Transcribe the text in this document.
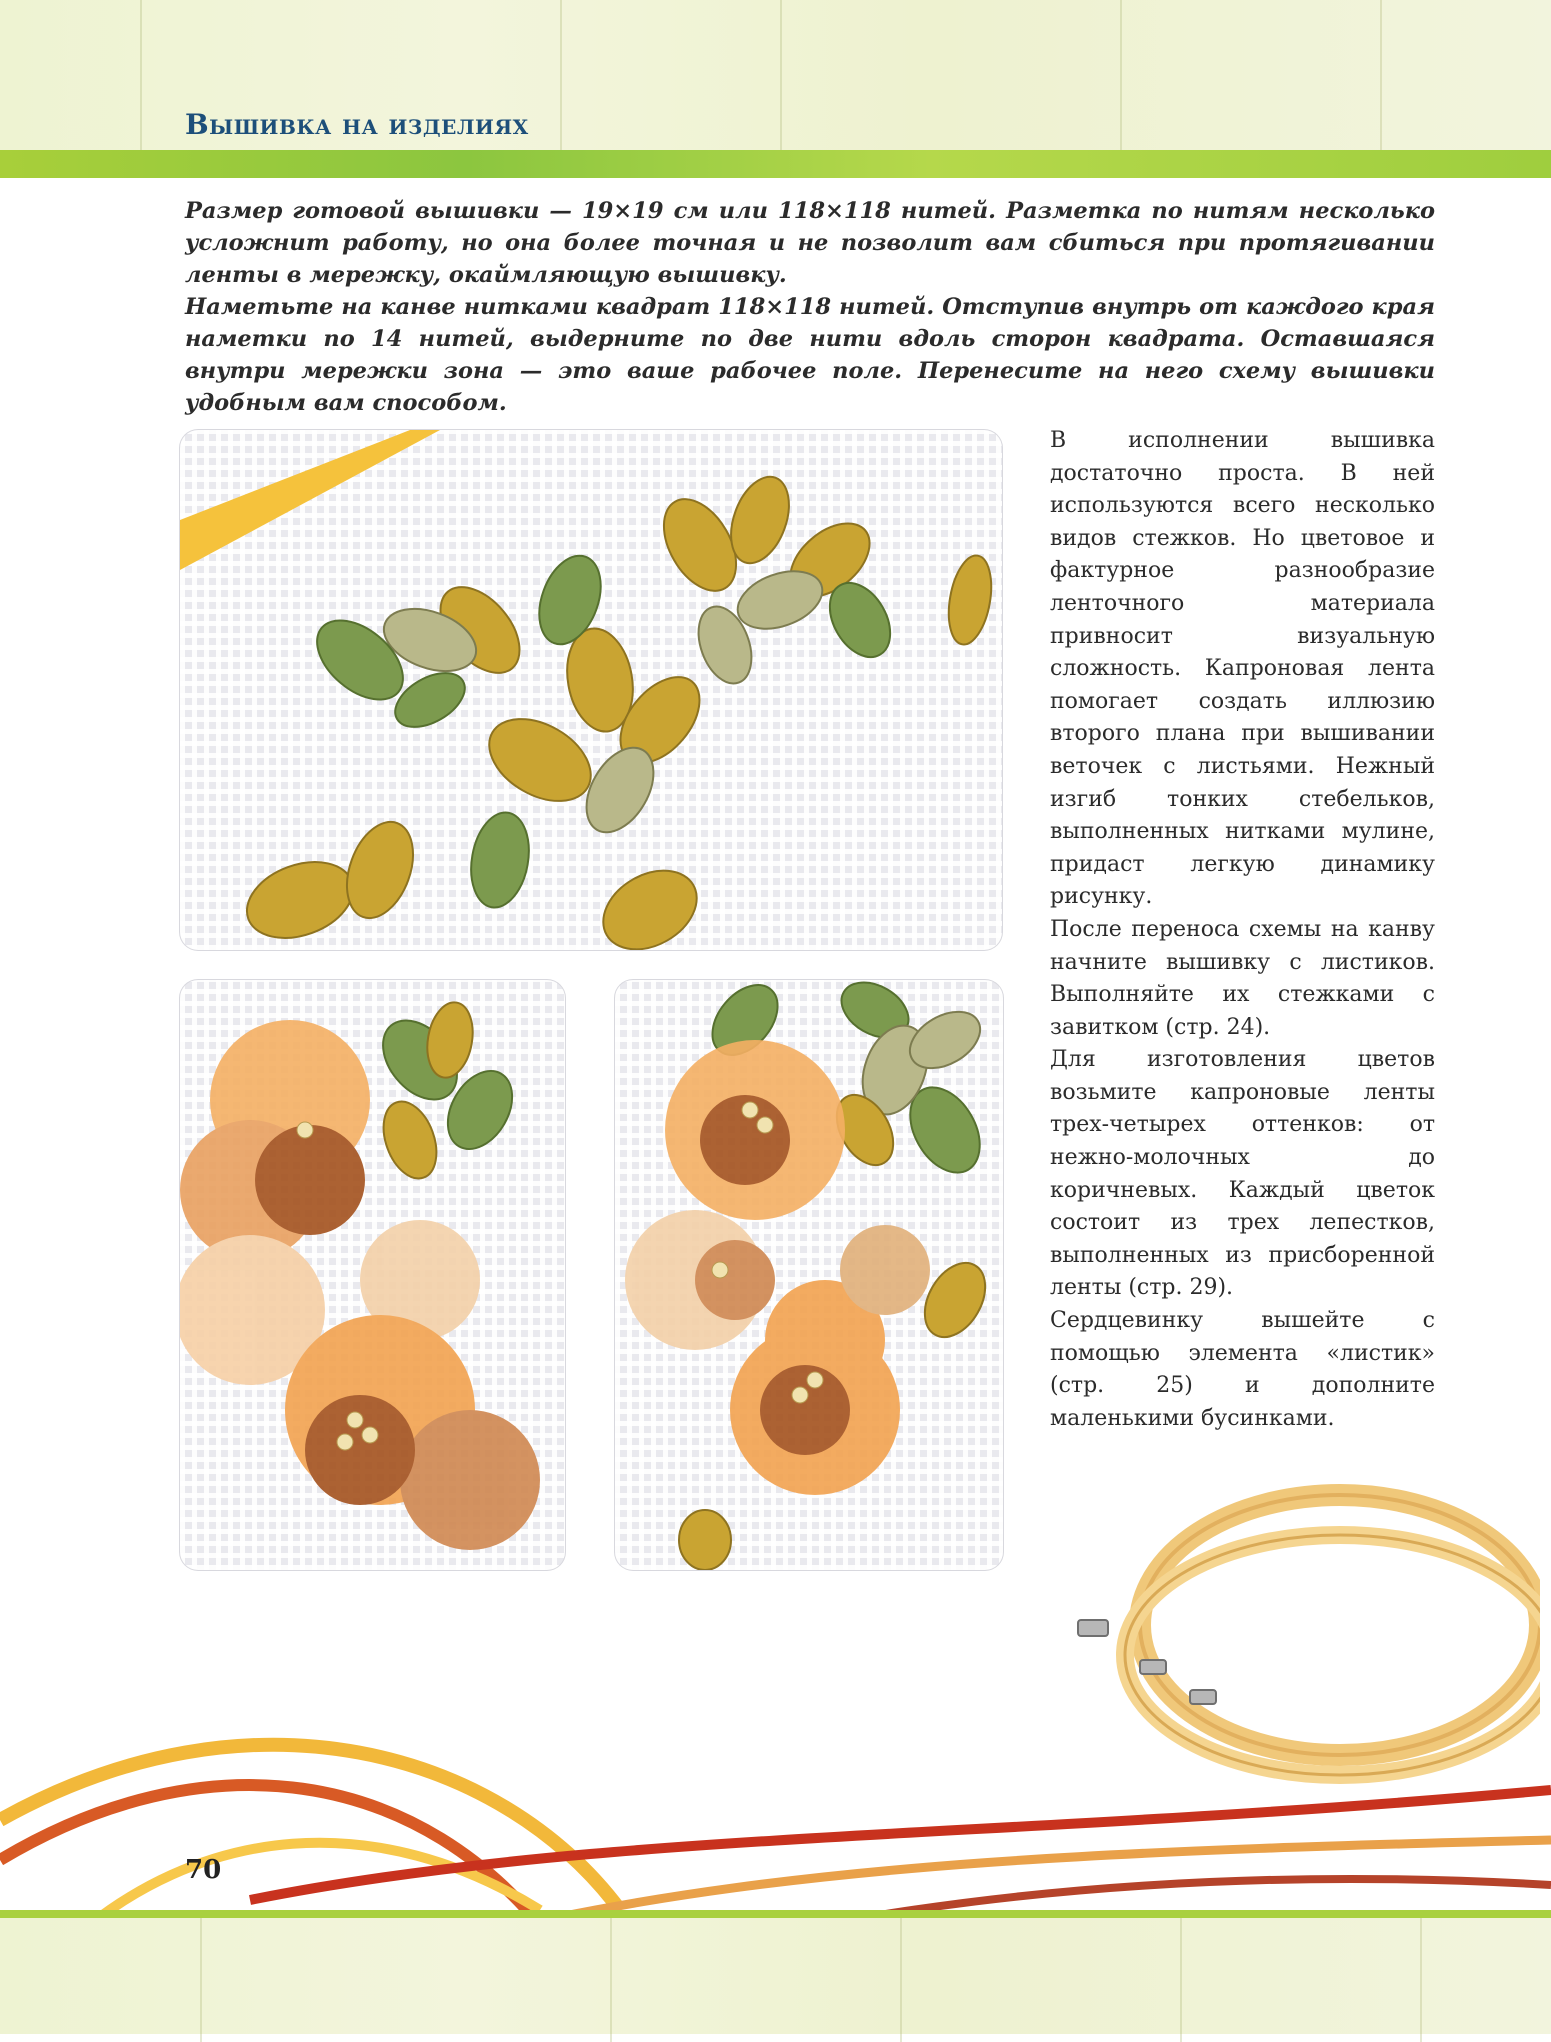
Вышивка на изделиях

Размер готовой вышивки — 19×19 см или 118×118 нитей. Разметка по нитям несколько усложнит работу, но она более точная и не позволит вам сбиться при протягивании ленты в мережку, окаймляющую вышивку.

Наметьте на канве нитками квадрат 118×118 нитей. Отступив внутрь от каждого края наметки по 14 нитей, выдерните по две нити вдоль сторон квадрата. Оставшаяся внутри мережки зона — это ваше рабочее поле. Перенесите на него схему вышивки удобным вам способом.

В исполнении вышивка достаточно проста. В ней используются всего несколько видов стежков. Но цветовое и фактурное разнообразие ленточного материала привносит визуальную сложность. Капроновая лента помогает создать иллюзию второго плана при вышивании веточек с листьями. Нежный изгиб тонких стебельков, выполненных нитками мулине, придаст легкую динамику рисунку.

После переноса схемы на канву начните вышивку с листиков. Выполняйте их стежками с завитком (стр. 24).

Для изготовления цветов возьмите капроновые ленты трех-четырех оттенков: от нежно-молочных до коричневых. Каждый цветок состоит из трех лепестков, выполненных из присборенной ленты (стр. 29).

Сердцевинку вышейте с помощью элемента «листик» (стр. 25) и дополните маленькими бусинками.

70
